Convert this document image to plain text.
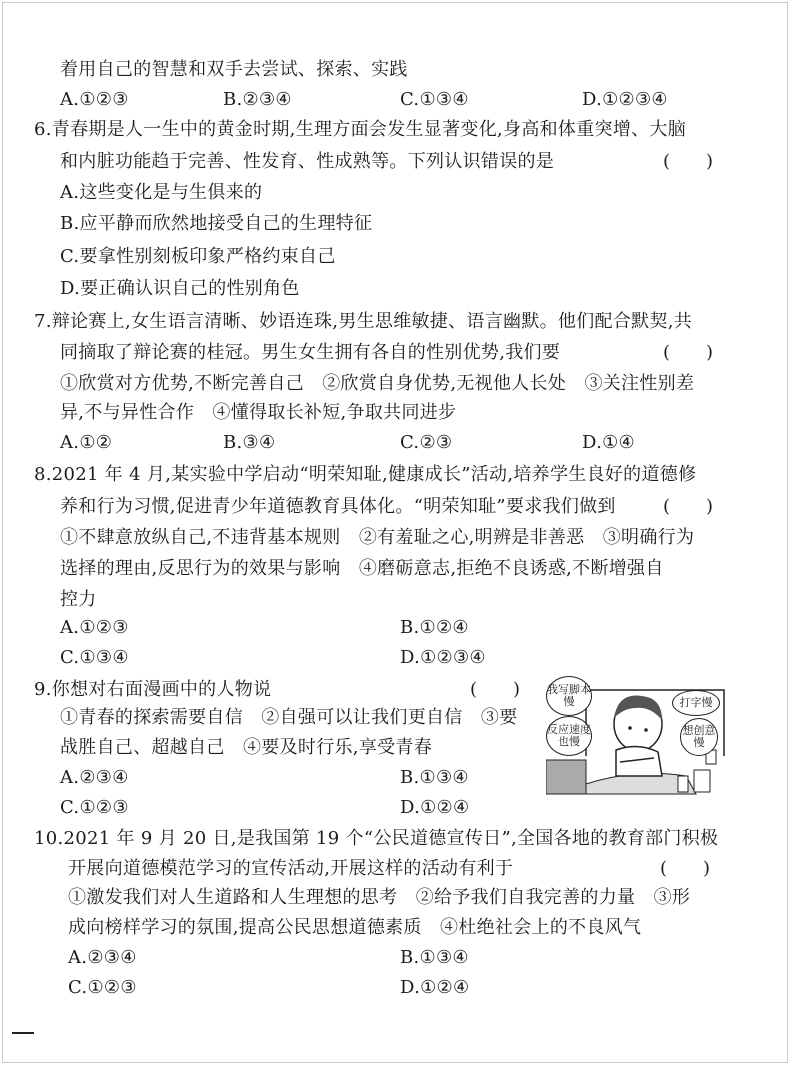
着用自己的智慧和双手去尝试、探索、实践
A.①②③	B.②③④	C.①③④	D.①②③④
6.青春期是人一生中的黄金时期,生理方面会发生显著变化,身高和体重突增、大脑
和内脏功能趋于完善、性发育、性成熟等。下列认识错误的是	(　　)
A.这些变化是与生俱来的
B.应平静而欣然地接受自己的生理特征
C.要拿性别刻板印象严格约束自己
D.要正确认识自己的性别角色
7.辩论赛上,女生语言清晰、妙语连珠,男生思维敏捷、语言幽默。他们配合默契,共
同摘取了辩论赛的桂冠。男生女生拥有各自的性别优势,我们要	(　　)
①欣赏对方优势,不断完善自己　②欣赏自身优势,无视他人长处　③关注性别差
异,不与异性合作　④懂得取长补短,争取共同进步
A.①②	B.③④	C.②③	D.①④
8.2021 年 4 月,某实验中学启动“明荣知耻,健康成长”活动,培养学生良好的道德修
养和行为习惯,促进青少年道德教育具体化。“明荣知耻”要求我们做到	(　　)
①不肆意放纵自己,不违背基本规则　②有羞耻之心,明辨是非善恶　③明确行为
选择的理由,反思行为的效果与影响　④磨砺意志,拒绝不良诱惑,不断增强自
控力
A.①②③	B.①②④
C.①③④	D.①②③④
9.你想对右面漫画中的人物说	(　　)
①青春的探索需要自信　②自强可以让我们更自信　③要
战胜自己、超越自己　④要及时行乐,享受青春
A.②③④	B.①③④
C.①②③	D.①②④
我写脚本慢	打字慢
反应速度也慢
想创意慢
10.2021 年 9 月 20 日,是我国第 19 个“公民道德宣传日”,全国各地的教育部门积极
开展向道德模范学习的宣传活动,开展这样的活动有利于	(　　)
①激发我们对人生道路和人生理想的思考　②给予我们自我完善的力量　③形
成向榜样学习的氛围,提高公民思想道德素质　④杜绝社会上的不良风气
A.②③④	B.①③④
C.①②③	D.①②④
